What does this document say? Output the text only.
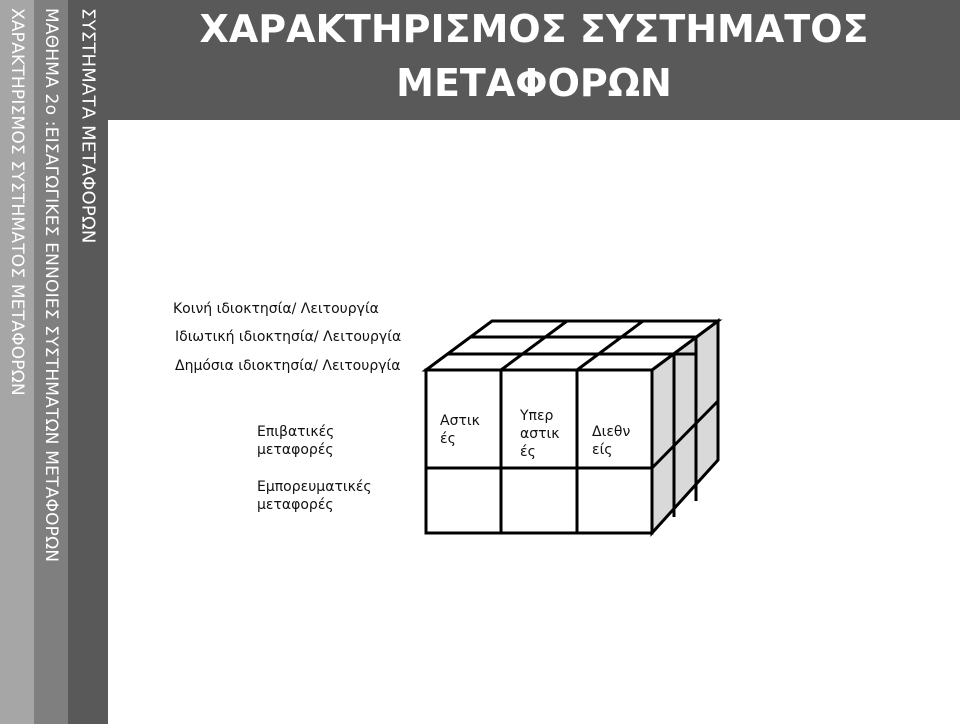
ΧΑΡΑΚΤΗΡΙΣΜΟΣ ΣΥΣΤΗΜΑΤΟΣ ΜΕΤΑΦΟΡΩΝ ΜΑΘΗΜΑ 2ο :ΕΙΣΑΓΩΓΙΚΕΣ ΕΝΝΟΙΕΣ ΣΥΣΤΗΜΑΤΩΝ ΜΕΤΑΦΟΡΩΝ ΣΥΣΤΗΜΑΤΑ ΜΕΤΑΦΟΡΩΝ	ΧΑΡΑΚΤΗΡΙΣΜΟΣ ΣΥΣΤΗΜΑΤΟΣ
ΜΕΤΑΦΟΡΩΝ
Κοινή ιδιοκτησία/ Λειτουργία
Ιδιωτική ιδιοκτησία/ Λειτουργία
Δημόσια ιδιοκτησία/ Λειτουργία
Επιβατικές
μεταφορές
Εμπορευματικές
μεταφορές
Αστικ
ές
Υπερ
αστικ
ές
Διεθν
είς
